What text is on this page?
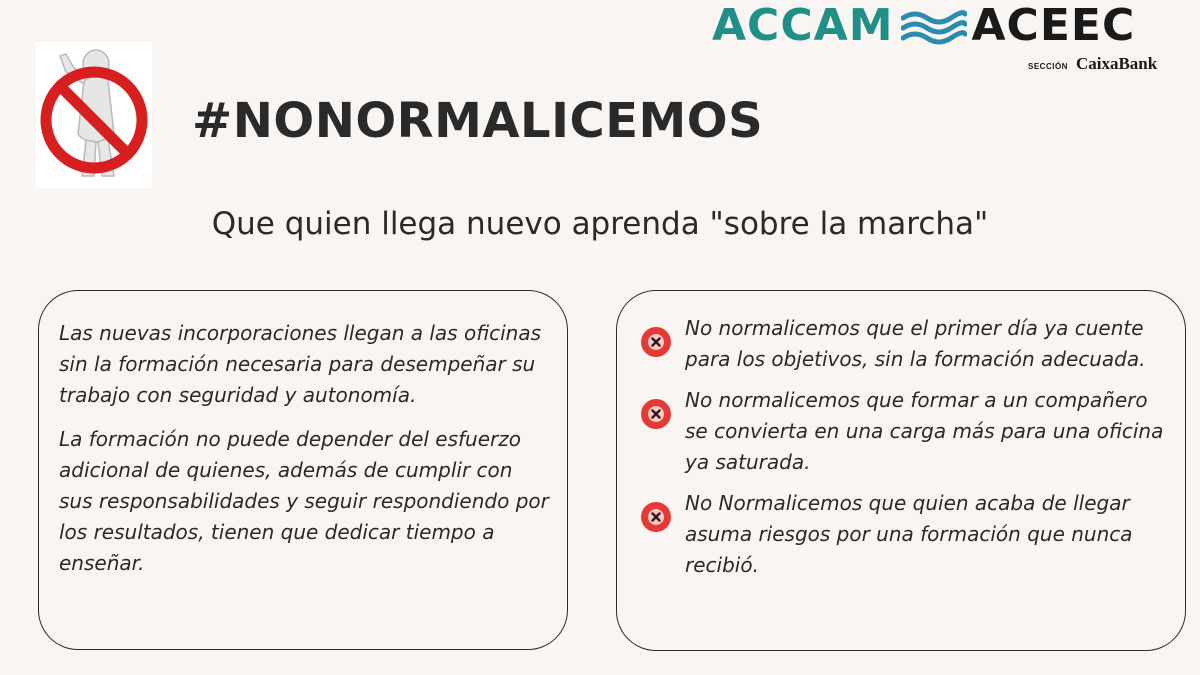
ACCAM ACEEC
SECCIÓN CaixaBank
#NONORMALICEMOS
Que quien llega nuevo aprenda "sobre la marcha"

Las nuevas incorporaciones llegan a las oficinas sin la formación necesaria para desempeñar su trabajo con seguridad y autonomía.

La formación no puede depender del esfuerzo adicional de quienes, además de cumplir con sus responsabilidades y seguir respondiendo por los resultados, tienen que dedicar tiempo a enseñar.

No normalicemos que el primer día ya cuente para los objetivos, sin la formación adecuada.

No normalicemos que formar a un compañero se convierta en una carga más para una oficina ya saturada.

No Normalicemos que quien acaba de llegar asuma riesgos por una formación que nunca recibió.
